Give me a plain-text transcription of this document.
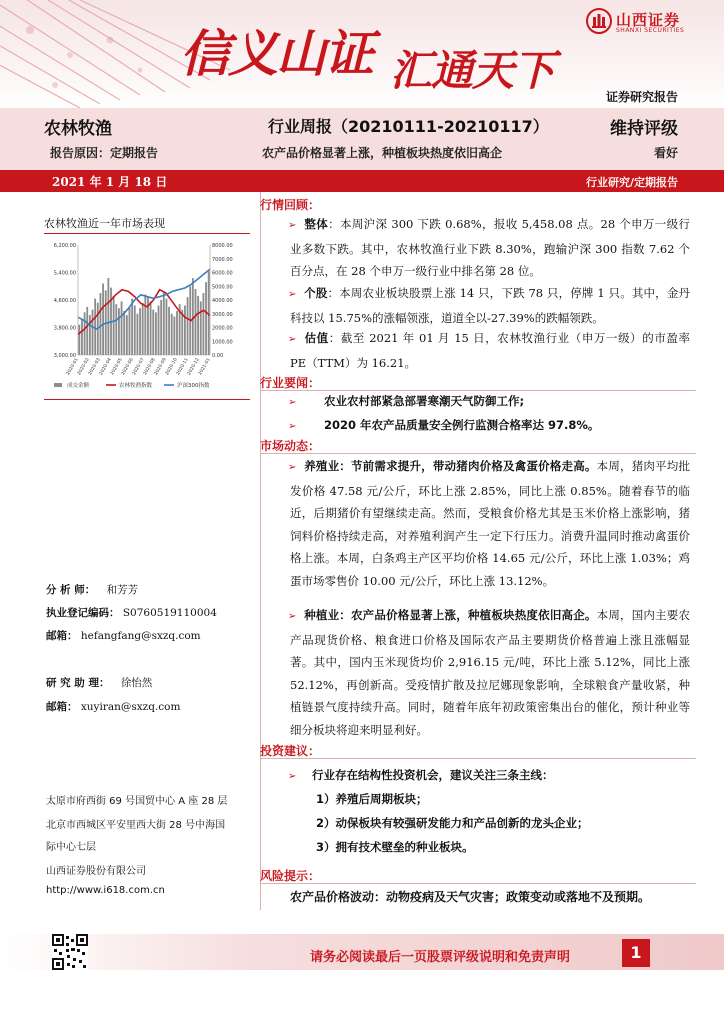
信义山证 汇通天下
山西证券
SHANXI SECURITIES
证券研究报告
农林牧渔	行业周报（20210111-20210117）	维持评级
报告原因：定期报告	农产品价格显著上涨，种植板块热度依旧高企	看好
2021 年 1 月 18 日	行业研究/定期报告
农林牧渔近一年市场表现
3,000.00
3,800.00
4,600.00
5,400.00
6,200.00
0.00
1000.00
2000.00
3000.00
4000.00
5000.00
6000.00
7000.00
8000.00
2020-01
2020-02
2020-03
2020-04
2020-05
2020-06
2020-07
2020-08
2020-09
2020-10
2020-11
2020-12
2021-01
成交金额	农林牧渔指数	沪深300指数
分 析 师： 和芳芳
执业登记编码： S0760519110004
邮箱： hefangfang@sxzq.com
研 究 助 理： 徐怡然
邮箱： xuyiran@sxzq.com
太原市府西街 69 号国贸中心 A 座 28 层
北京市西城区平安里西大街 28 号中海国
际中心七层
山西证券股份有限公司
http://www.i618.com.cn
行情回顾：
➢ 整体：本周沪深 300 下跌 0.68%，报收 5,458.08 点。28 个申万一级行业多数下跌。其中，农林牧渔行业下跌 8.30%，跑输沪深 300 指数 7.62 个百分点，在 28 个申万一级行业中排名第 28 位。
➢ 个股：本周农业板块股票上涨 14 只，下跌 78 只，停牌 1 只。其中，金丹科技以 15.75%的涨幅领涨，道道全以-27.39%的跌幅领跌。
➢ 估值：截至 2021 年 01 月 15 日，农林牧渔行业（申万一级）的市盈率 PE（TTM）为 16.21。
行业要闻：
➢ 农业农村部紧急部署寒潮天气防御工作;
➢ 2020 年农产品质量安全例行监测合格率达 97.8%。
市场动态：
➢ 养殖业：节前需求提升，带动猪肉价格及禽蛋价格走高。本周，猪肉平均批发价格 47.58 元/公斤，环比上涨 2.85%，同比上涨 0.85%。随着春节的临近，后期猪价有望继续走高。然而，受粮食价格尤其是玉米价格上涨影响，猪饲料价格持续走高，对养殖利润产生一定下行压力。消费升温同时推动禽蛋价格上涨。本周，白条鸡主产区平均价格 14.65 元/公斤，环比上涨 1.03%；鸡蛋市场零售价 10.00 元/公斤，环比上涨 13.12%。
➢ 种植业：农产品价格显著上涨，种植板块热度依旧高企。本周，国内主要农产品现货价格、粮食进口价格及国际农产品主要期货价格普遍上涨且涨幅显著。其中，国内玉米现货均价 2,916.15 元/吨，环比上涨 5.12%，同比上涨 52.12%，再创新高。受疫情扩散及拉尼娜现象影响，全球粮食产量收紧，种植链景气度持续升高。同时，随着年底年初政策密集出台的催化，预计种业等细分板块将迎来明显利好。
投资建议：
➢ 行业存在结构性投资机会，建议关注三条主线：
1）养殖后周期板块；
2）动保板块有较强研发能力和产品创新的龙头企业；
3）拥有技术壁垒的种业板块。
风险提示：
农产品价格波动：动物疫病及天气灾害；政策变动或落地不及预期。
请务必阅读最后一页股票评级说明和免责声明	1
